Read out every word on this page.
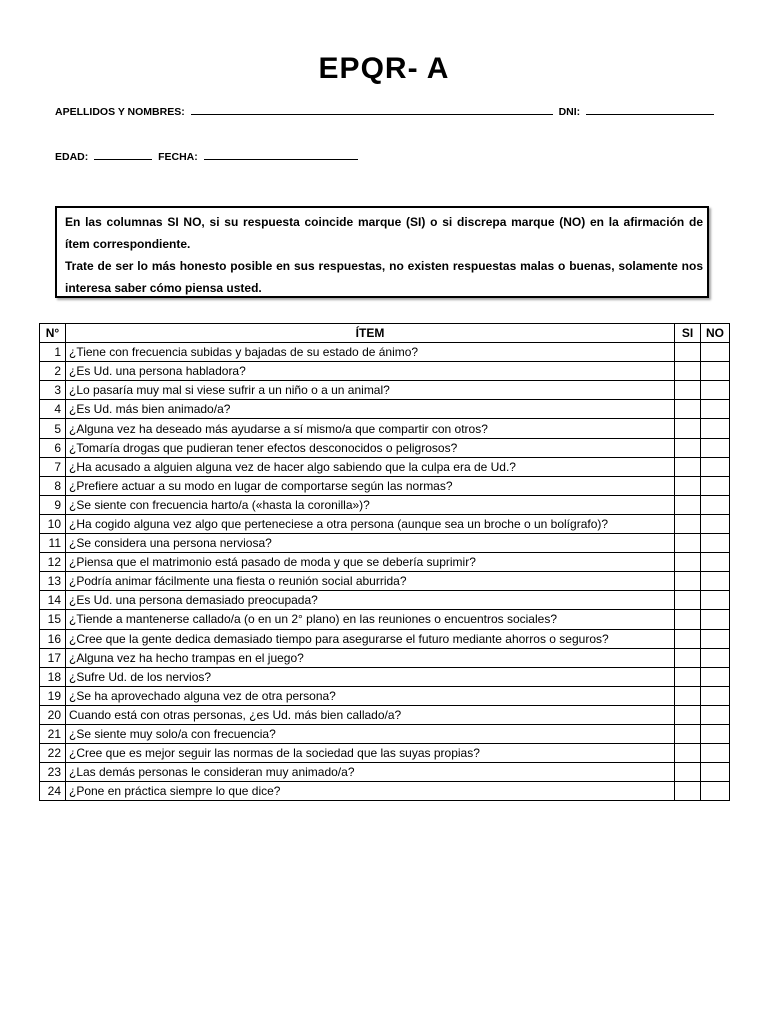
EPQR- A
APELLIDOS Y NOMBRES:	DNI:
EDAD:	FECHA:

En las columnas SI NO, si su respuesta coincide marque (SI) o si discrepa marque (NO) en la afirmación de ítem correspondiente.

Trate de ser lo más honesto posible en sus respuestas, no existen respuestas malas o buenas, solamente nos interesa saber cómo piensa usted.

N°	ÍTEM	SI	NO
1	¿Tiene con frecuencia subidas y bajadas de su estado de ánimo?		
2	¿Es Ud. una persona habladora?		
3	¿Lo pasaría muy mal si viese sufrir a un niño o a un animal?		
4	¿Es Ud. más bien animado/a?		
5	¿Alguna vez ha deseado más ayudarse a sí mismo/a que compartir con otros?		
6	¿Tomaría drogas que pudieran tener efectos desconocidos o peligrosos?		
7	¿Ha acusado a alguien alguna vez de hacer algo sabiendo que la culpa era de Ud.?		
8	¿Prefiere actuar a su modo en lugar de comportarse según las normas?		
9	¿Se siente con frecuencia harto/a («hasta la coronilla»)?		
10	¿Ha cogido alguna vez algo que perteneciese a otra persona (aunque sea un broche o un bolígrafo)?		
11	¿Se considera una persona nerviosa?		
12	¿Piensa que el matrimonio está pasado de moda y que se debería suprimir?		
13	¿Podría animar fácilmente una fiesta o reunión social aburrida?		
14	¿Es Ud. una persona demasiado preocupada?		
15	¿Tiende a mantenerse callado/a (o en un 2° plano) en las reuniones o encuentros sociales?		
16	¿Cree que la gente dedica demasiado tiempo para asegurarse el futuro mediante ahorros o seguros?		
17	¿Alguna vez ha hecho trampas en el juego?		
18	¿Sufre Ud. de los nervios?		
19	¿Se ha aprovechado alguna vez de otra persona?		
20	Cuando está con otras personas, ¿es Ud. más bien callado/a?		
21	¿Se siente muy solo/a con frecuencia?		
22	¿Cree que es mejor seguir las normas de la sociedad que las suyas propias?		
23	¿Las demás personas le consideran muy animado/a?		
24	¿Pone en práctica siempre lo que dice?		
